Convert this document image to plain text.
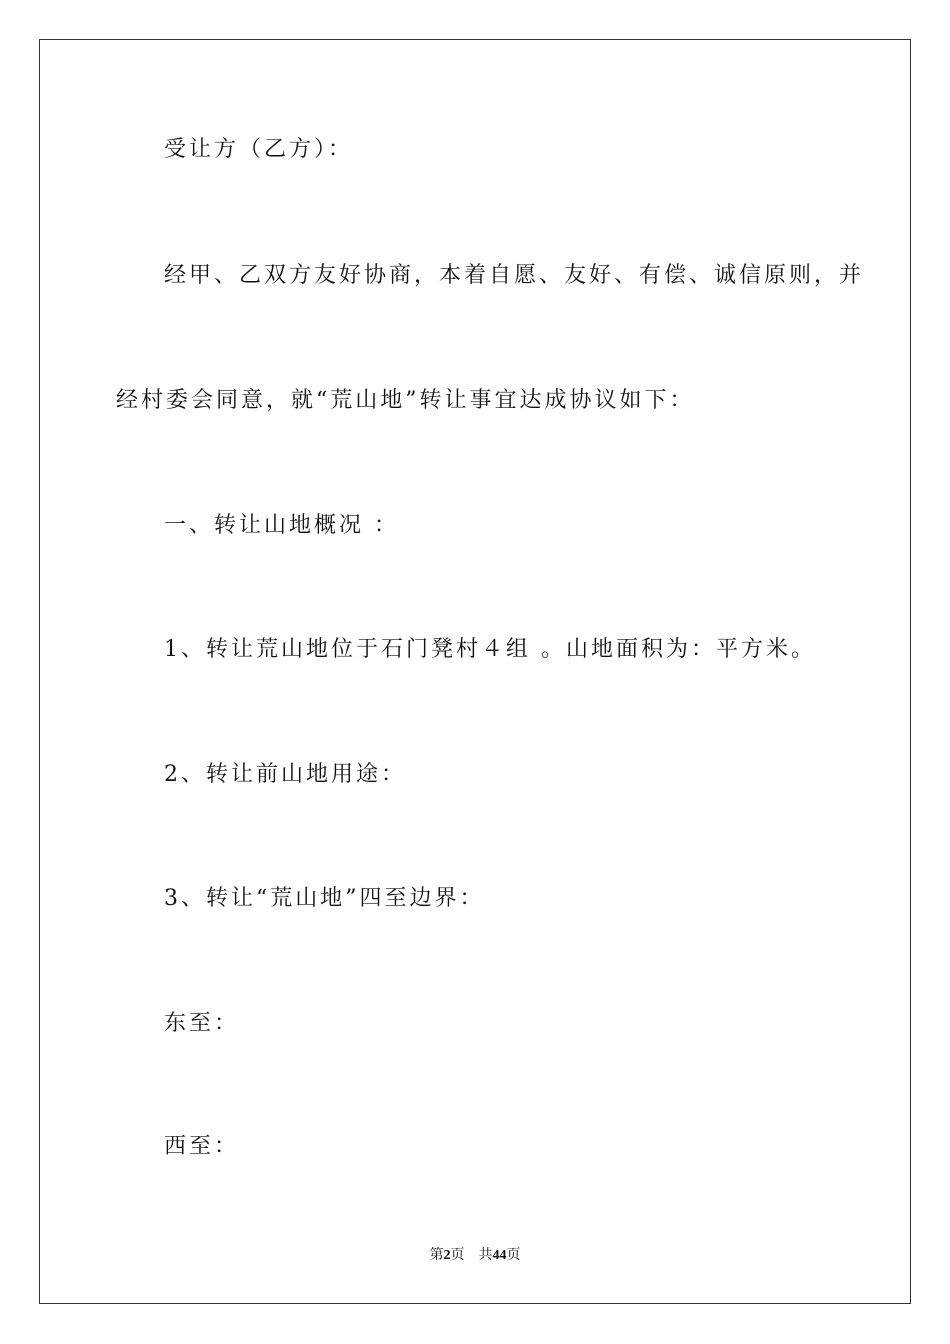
受让方（乙方）：
经甲、乙双方友好协商，本着自愿、友好、有偿、诚信原则，并
经村委会同意，就“荒山地”转让事宜达成协议如下：
一、转让山地概况 ：
1、转让荒山地位于石门凳村４组 。山地面积为：平方米。
2、转让前山地用途：
3、转让“荒山地”四至边界：
东至：
西至：
第2页 共44页
